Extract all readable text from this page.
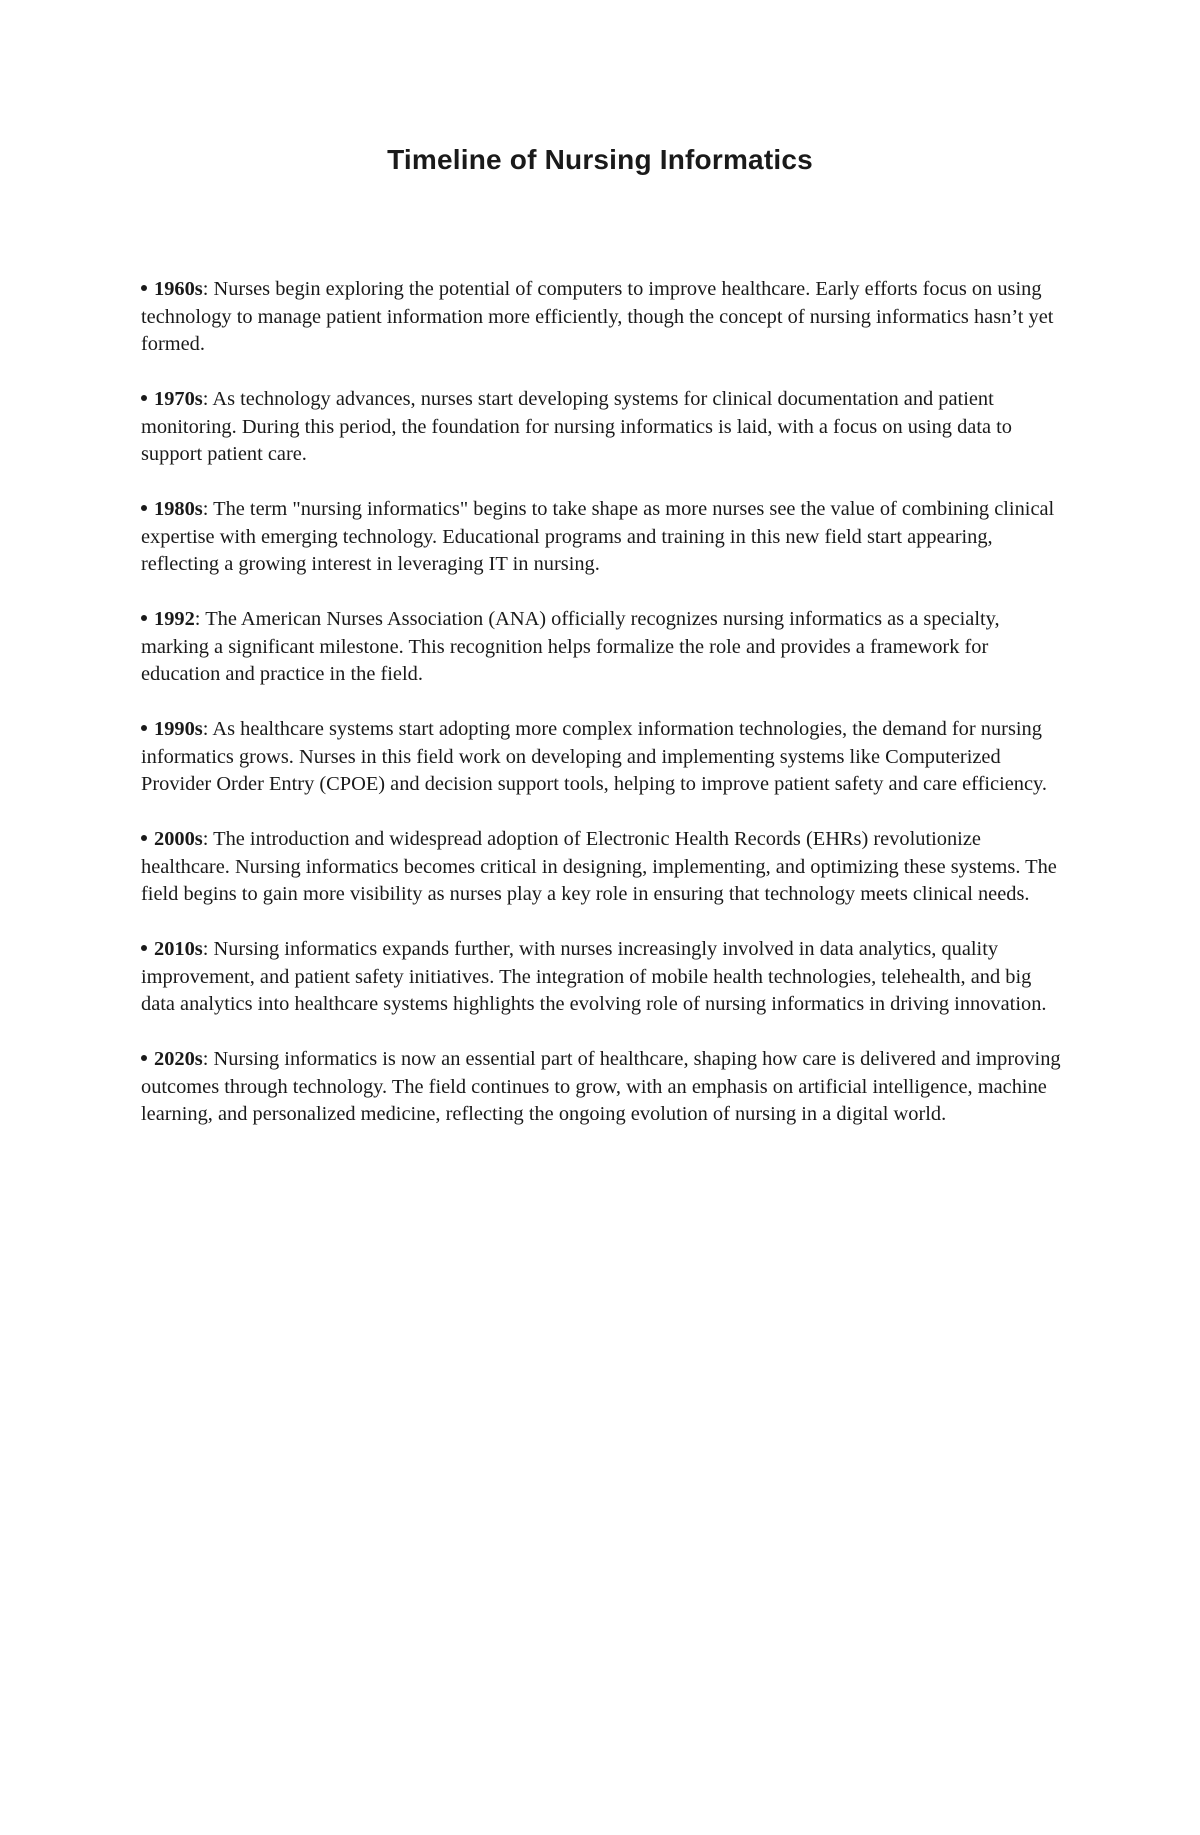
Timeline of Nursing Informatics
1960s: Nurses begin exploring the potential of computers to improve healthcare. Early efforts focus on using technology to manage patient information more efficiently, though the concept of nursing informatics hasn’t yet formed.
1970s: As technology advances, nurses start developing systems for clinical documentation and patient monitoring. During this period, the foundation for nursing informatics is laid, with a focus on using data to support patient care.
1980s: The term "nursing informatics" begins to take shape as more nurses see the value of combining clinical expertise with emerging technology. Educational programs and training in this new field start appearing, reflecting a growing interest in leveraging IT in nursing.
1992: The American Nurses Association (ANA) officially recognizes nursing informatics as a specialty, marking a significant milestone. This recognition helps formalize the role and provides a framework for education and practice in the field.
1990s: As healthcare systems start adopting more complex information technologies, the demand for nursing informatics grows. Nurses in this field work on developing and implementing systems like Computerized Provider Order Entry (CPOE) and decision support tools, helping to improve patient safety and care efficiency.
2000s: The introduction and widespread adoption of Electronic Health Records (EHRs) revolutionize healthcare. Nursing informatics becomes critical in designing, implementing, and optimizing these systems. The field begins to gain more visibility as nurses play a key role in ensuring that technology meets clinical needs.
2010s: Nursing informatics expands further, with nurses increasingly involved in data analytics, quality improvement, and patient safety initiatives. The integration of mobile health technologies, telehealth, and big data analytics into healthcare systems highlights the evolving role of nursing informatics in driving innovation.
2020s: Nursing informatics is now an essential part of healthcare, shaping how care is delivered and improving outcomes through technology. The field continues to grow, with an emphasis on artificial intelligence, machine learning, and personalized medicine, reflecting the ongoing evolution of nursing in a digital world.
